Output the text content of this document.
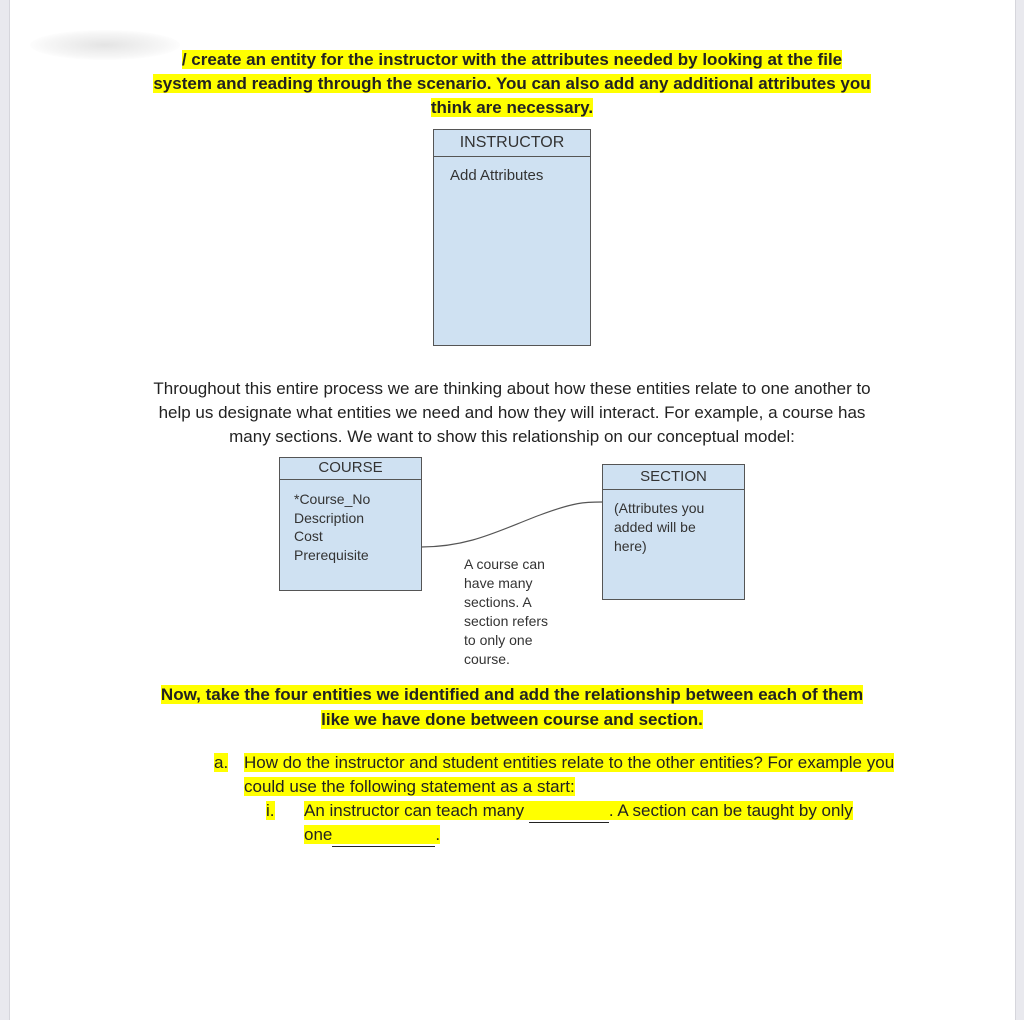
/ create an entity for the instructor with the attributes needed by looking at the file
system and reading through the scenario. You can also add any additional attributes you
think are necessary.
INSTRUCTOR
Add Attributes
Throughout this entire process we are thinking about how these entities relate to one another to
help us designate what entities we need and how they will interact. For example, a course has
many sections. We want to show this relationship on our conceptual model:
COURSE
*Course_No
Description
Cost
Prerequisite
A course can
have many
sections. A
section refers
to only one
course.
SECTION
(Attributes you
added will be
here)
Now, take the four entities we identified and add the relationship between each of them
like we have done between course and section.
a. How do the instructor and student entities relate to the other entities? For example you
could use the following statement as a start:
i. An instructor can teach many	. A section can be taught by only
one	.
